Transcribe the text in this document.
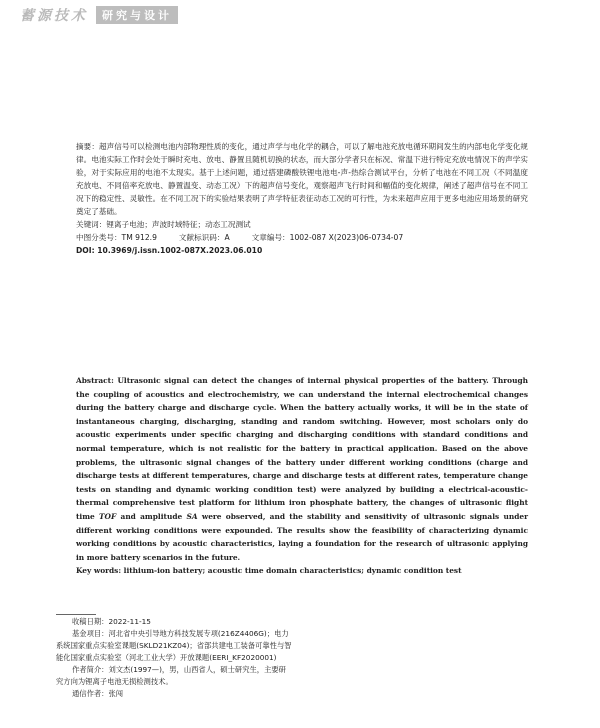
蓄源技术	研究与设计

摘要：超声信号可以检测电池内部物理性质的变化，通过声学与电化学的耦合，可以了解电池充放电循环期间发生的内部电化学变化规律。电池实际工作时会处于瞬时充电、放电、静置且随机切换的状态，而大部分学者只在标况、常温下进行特定充放电情况下的声学实验，对于实际应用的电池不太现实。基于上述问题，通过搭建磷酸铁锂电池电-声-热综合测试平台，分析了电池在不同工况（不同温度充放电、不同倍率充放电、静置温变、动态工况）下的超声信号变化，观察超声飞行时间和幅值的变化规律，阐述了超声信号在不同工况下的稳定性、灵敏性。在不同工况下的实验结果表明了声学特征表征动态工况的可行性，为未来超声应用于更多电池应用场景的研究奠定了基础。

关键词：锂离子电池；声波时域特征；动态工况测试

中图分类号：TM 912.9	文献标识码：A	文章编号：1002-087 X(2023)06-0734-07

DOI: 10.3969/j.issn.1002-087X.2023.06.010

Abstract: Ultrasonic signal can detect the changes of internal physical properties of the battery. Through the coupling of acoustics and electrochemistry, we can understand the internal electrochemical changes during the battery charge and discharge cycle. When the battery actually works, it will be in the state of instantaneous charging, discharging, standing and random switching. However, most scholars only do acoustic experiments under specific charging and discharging conditions with standard conditions and normal temperature, which is not realistic for the battery in practical application. Based on the above problems, the ultrasonic signal changes of the battery under different working conditions (charge and discharge tests at different temperatures, charge and discharge tests at different rates, temperature change tests on standing and dynamic working condition test) were analyzed by building a electrical-acoustic-thermal comprehensive test platform for lithium iron phosphate battery, the changes of ultrasonic flight time TOF and amplitude SA were observed, and the stability and sensitivity of ultrasonic signals under different working conditions were expounded. The results show the feasibility of characterizing dynamic working conditions by acoustic characteristics, laying a foundation for the research of ultrasonic applying in more battery scenarios in the future.

Key words: lithium-ion battery; acoustic time domain characteristics; dynamic condition test

收稿日期：2022-11-15

基金项目：河北省中央引导地方科技发展专项(216Z4406G)；电力系统国家重点实验室课题(SKLD21KZ04)；省部共建电工装备可靠性与智能化国家重点实验室（河北工业大学）开放课题(EERI_KF2020001)

作者简介：刘文杰(1997—)，男，山西省人，硕士研究生，主要研究方向为锂离子电池无损检测技术。

通信作者：张闯
